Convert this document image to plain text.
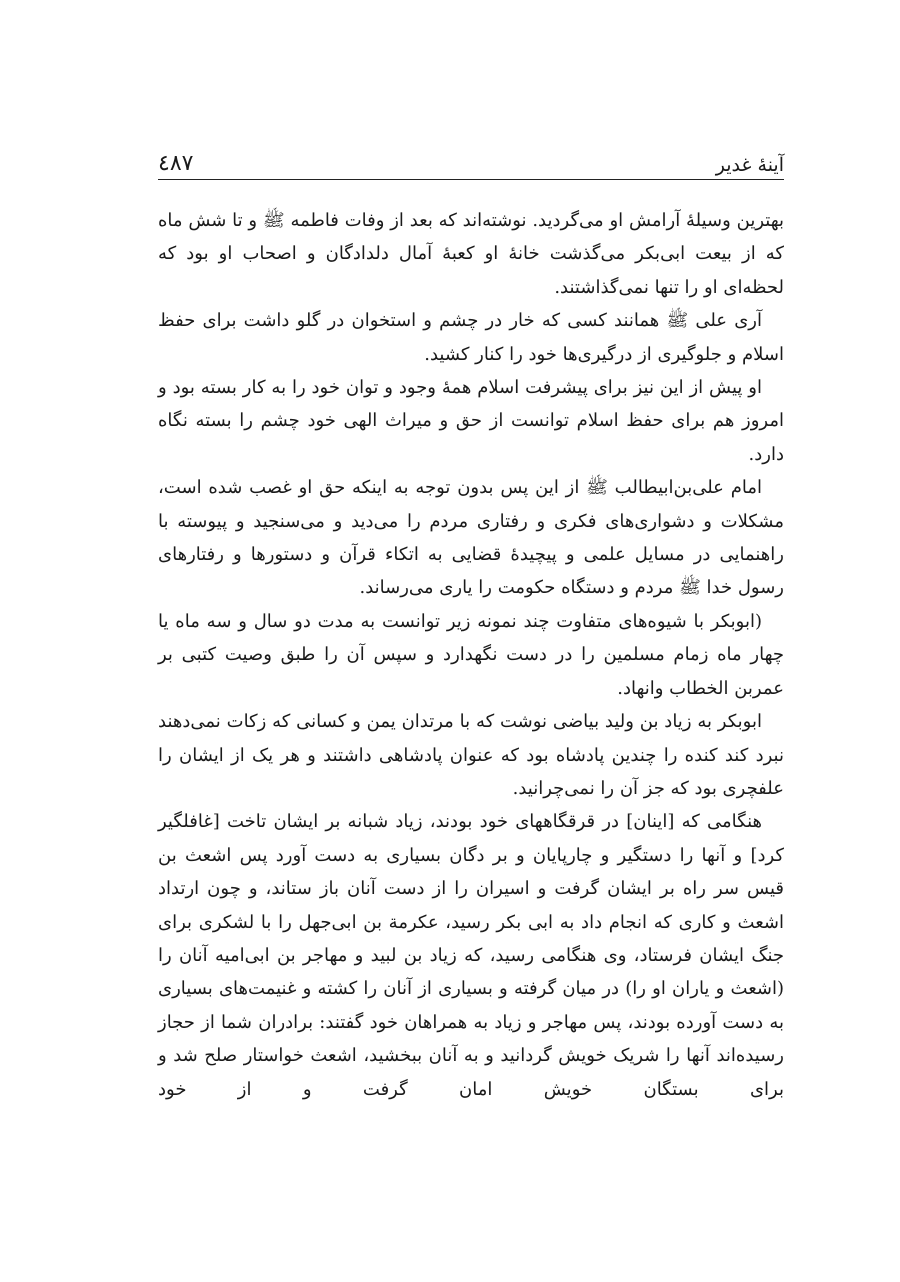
آینهٔ غدیر
٤٨٧

بهترین وسیلهٔ آرامش او می‌گردید. نوشته‌اند که بعد از وفات فاطمه ﷺ و تا شش ماه که از بیعت ابی‌بکر می‌گذشت خانهٔ او کعبهٔ آمال دلدادگان و اصحاب او بود که لحظه‌ای او را تنها نمی‌گذاشتند.

آری علی ﷺ همانند کسی که خار در چشم و استخوان در گلو داشت برای حفظ اسلام و جلوگیری از درگیری‌ها خود را کنار کشید.

او پیش از این نیز برای پیشرفت اسلام همهٔ وجود و توان خود را به کار بسته بود و امروز هم برای حفظ اسلام توانست از حق و میراث الهی خود چشم را بسته نگاه دارد.

امام علی‌بن‌ابیطالب ﷺ از این پس بدون توجه به اینکه حق او غصب شده است، مشکلات و دشواری‌های فکری و رفتاری مردم را می‌دید و می‌سنجید و پیوسته با راهنمایی در مسایل علمی و پیچیدهٔ قضایی به اتکاء قرآن و دستورها و رفتارهای رسول خدا ﷺ مردم و دستگاه حکومت را یاری می‌رساند.

(ابوبکر با شیوه‌های متفاوت چند نمونه زیر توانست به مدت دو سال و سه ماه یا چهار ماه زمام مسلمین را در دست نگهدارد و سپس آن را طبق وصیت کتبی بر عمربن الخطاب وانهاد.

ابوبکر به زیاد بن ولید بیاضی نوشت که با مرتدان یمن و کسانی که زکات نمی‌دهند نبرد کند کنده را چندین پادشاه بود که عنوان پادشاهی داشتند و هر یک از ایشان را علفچری بود که جز آن را نمی‌چرانید.

هنگامی که [اینان] در قرقگاههای خود بودند، زیاد شبانه بر ایشان تاخت [غافلگیر کرد] و آنها را دستگیر و چارپایان و بر دگان بسیاری به دست آورد پس اشعث بن قیس سر راه بر ایشان گرفت و اسیران را از دست آنان باز ستاند، و چون ارتداد اشعث و کاری که انجام داد به ابی بکر رسید، عکرمة بن ابی‌جهل را با لشکری برای جنگ ایشان فرستاد، وی هنگامی رسید، که زیاد بن لبید و مهاجر بن ابی‌امیه آنان را (اشعث و یاران او را) در میان گرفته و بسیاری از آنان را کشته و غنیمت‌های بسیاری به دست آورده بودند، پس مهاجر و زیاد به همراهان خود گفتند: برادران شما از حجاز رسیده‌اند آنها را شریک خویش گردانید و به آنان ببخشید، اشعث خواستار صلح شد و برای بستگان خویش امان گرفت و از خود
